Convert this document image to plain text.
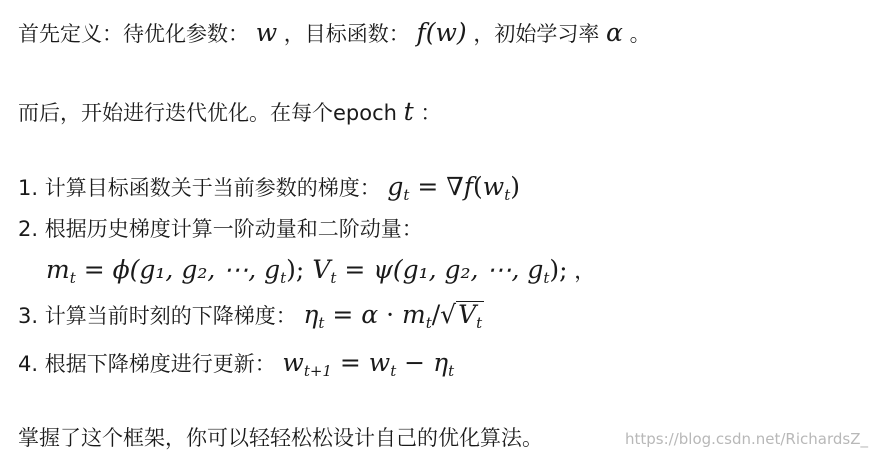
首先定义：待优化参数： w ，目标函数： f(w) ，初始学习率 α 。
而后，开始进行迭代优化。在每个epoch t ：
1. 计算目标函数关于当前参数的梯度： $g_t = \nabla f(w_t)$
2. 根据历史梯度计算一阶动量和二阶动量：
$m_t = \phi(g_1$, g₂, ⋯, $g_t$); $V_t = \psi(g_1$, g₂, ⋯, $g_t$); ，
3. 计算当前时刻的下降梯度： $\eta_t = \alpha \cdot m_t/√V_t$
4. 根据下降梯度进行更新： $w_{t+1} = w_t - \eta_t$
掌握了这个框架，你可以轻轻松松设计自己的优化算法。	https://blog.csdn.net/RichardsZ_
